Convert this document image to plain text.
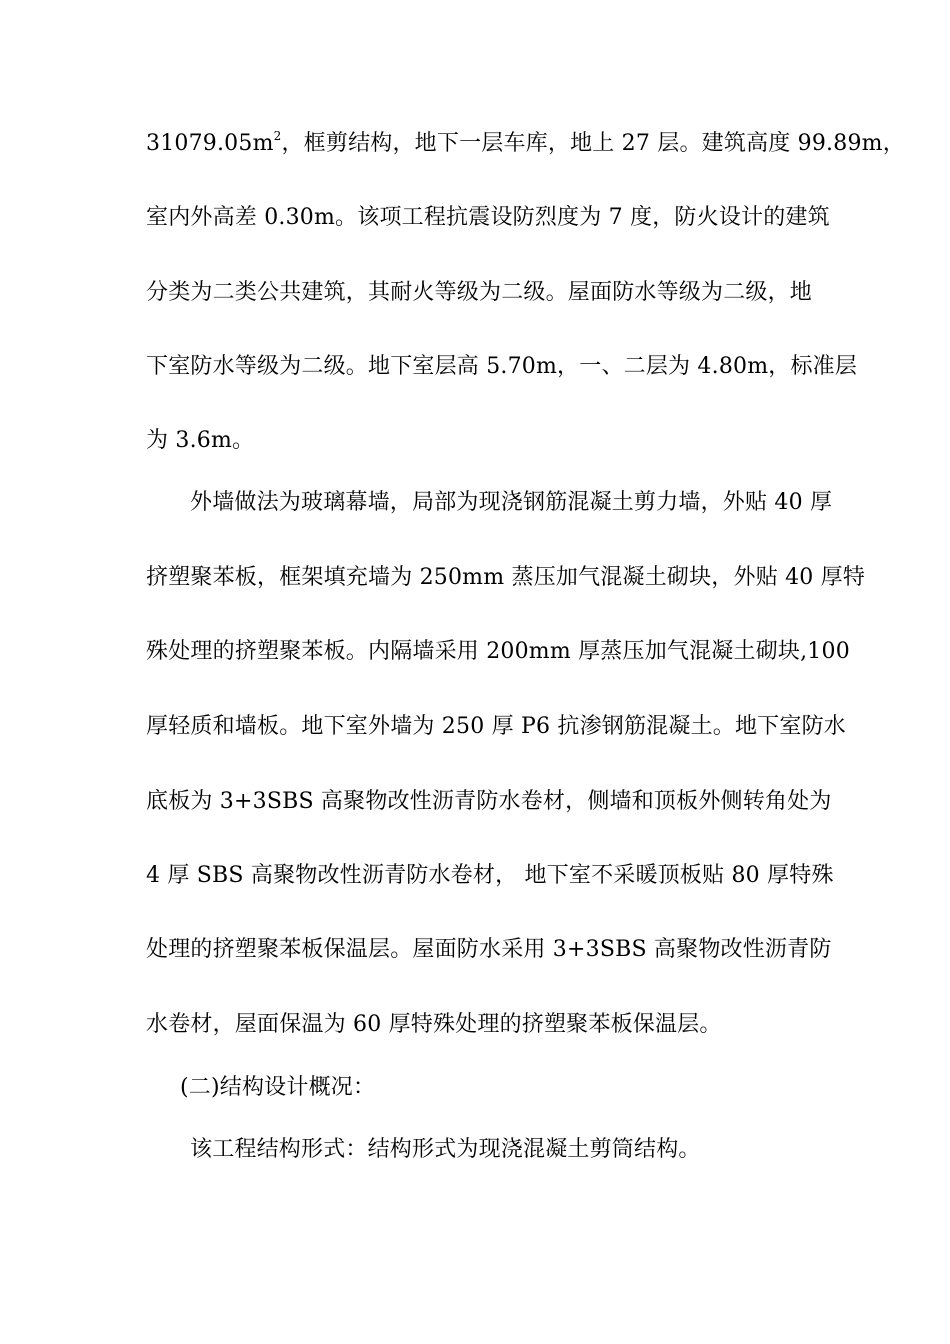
$31079.05m^2$，框剪结构，地下一层车库，地上 27 层。建筑高度 99.89m，
室内外高差 0.30m。该项工程抗震设防烈度为 7 度，防火设计的建筑
分类为二类公共建筑，其耐火等级为二级。屋面防水等级为二级，地
下室防水等级为二级。地下室层高 5.70m，一、二层为 4.80m，标准层
为 3.6m。
外墙做法为玻璃幕墙，局部为现浇钢筋混凝土剪力墙，外贴 40 厚
挤塑聚苯板，框架填充墙为 250mm 蒸压加气混凝土砌块，外贴 40 厚特
殊处理的挤塑聚苯板。内隔墙采用 200mm 厚蒸压加气混凝土砌块,100
厚轻质和墙板。地下室外墙为 250 厚 P6 抗渗钢筋混凝土。地下室防水
底板为 3+3SBS 高聚物改性沥青防水卷材，侧墙和顶板外侧转角处为
4 厚 SBS 高聚物改性沥青防水卷材， 地下室不采暖顶板贴 80 厚特殊
处理的挤塑聚苯板保温层。屋面防水采用 3+3SBS 高聚物改性沥青防
水卷材，屋面保温为 60 厚特殊处理的挤塑聚苯板保温层。
(二)结构设计概况：
该工程结构形式：结构形式为现浇混凝土剪筒结构。
